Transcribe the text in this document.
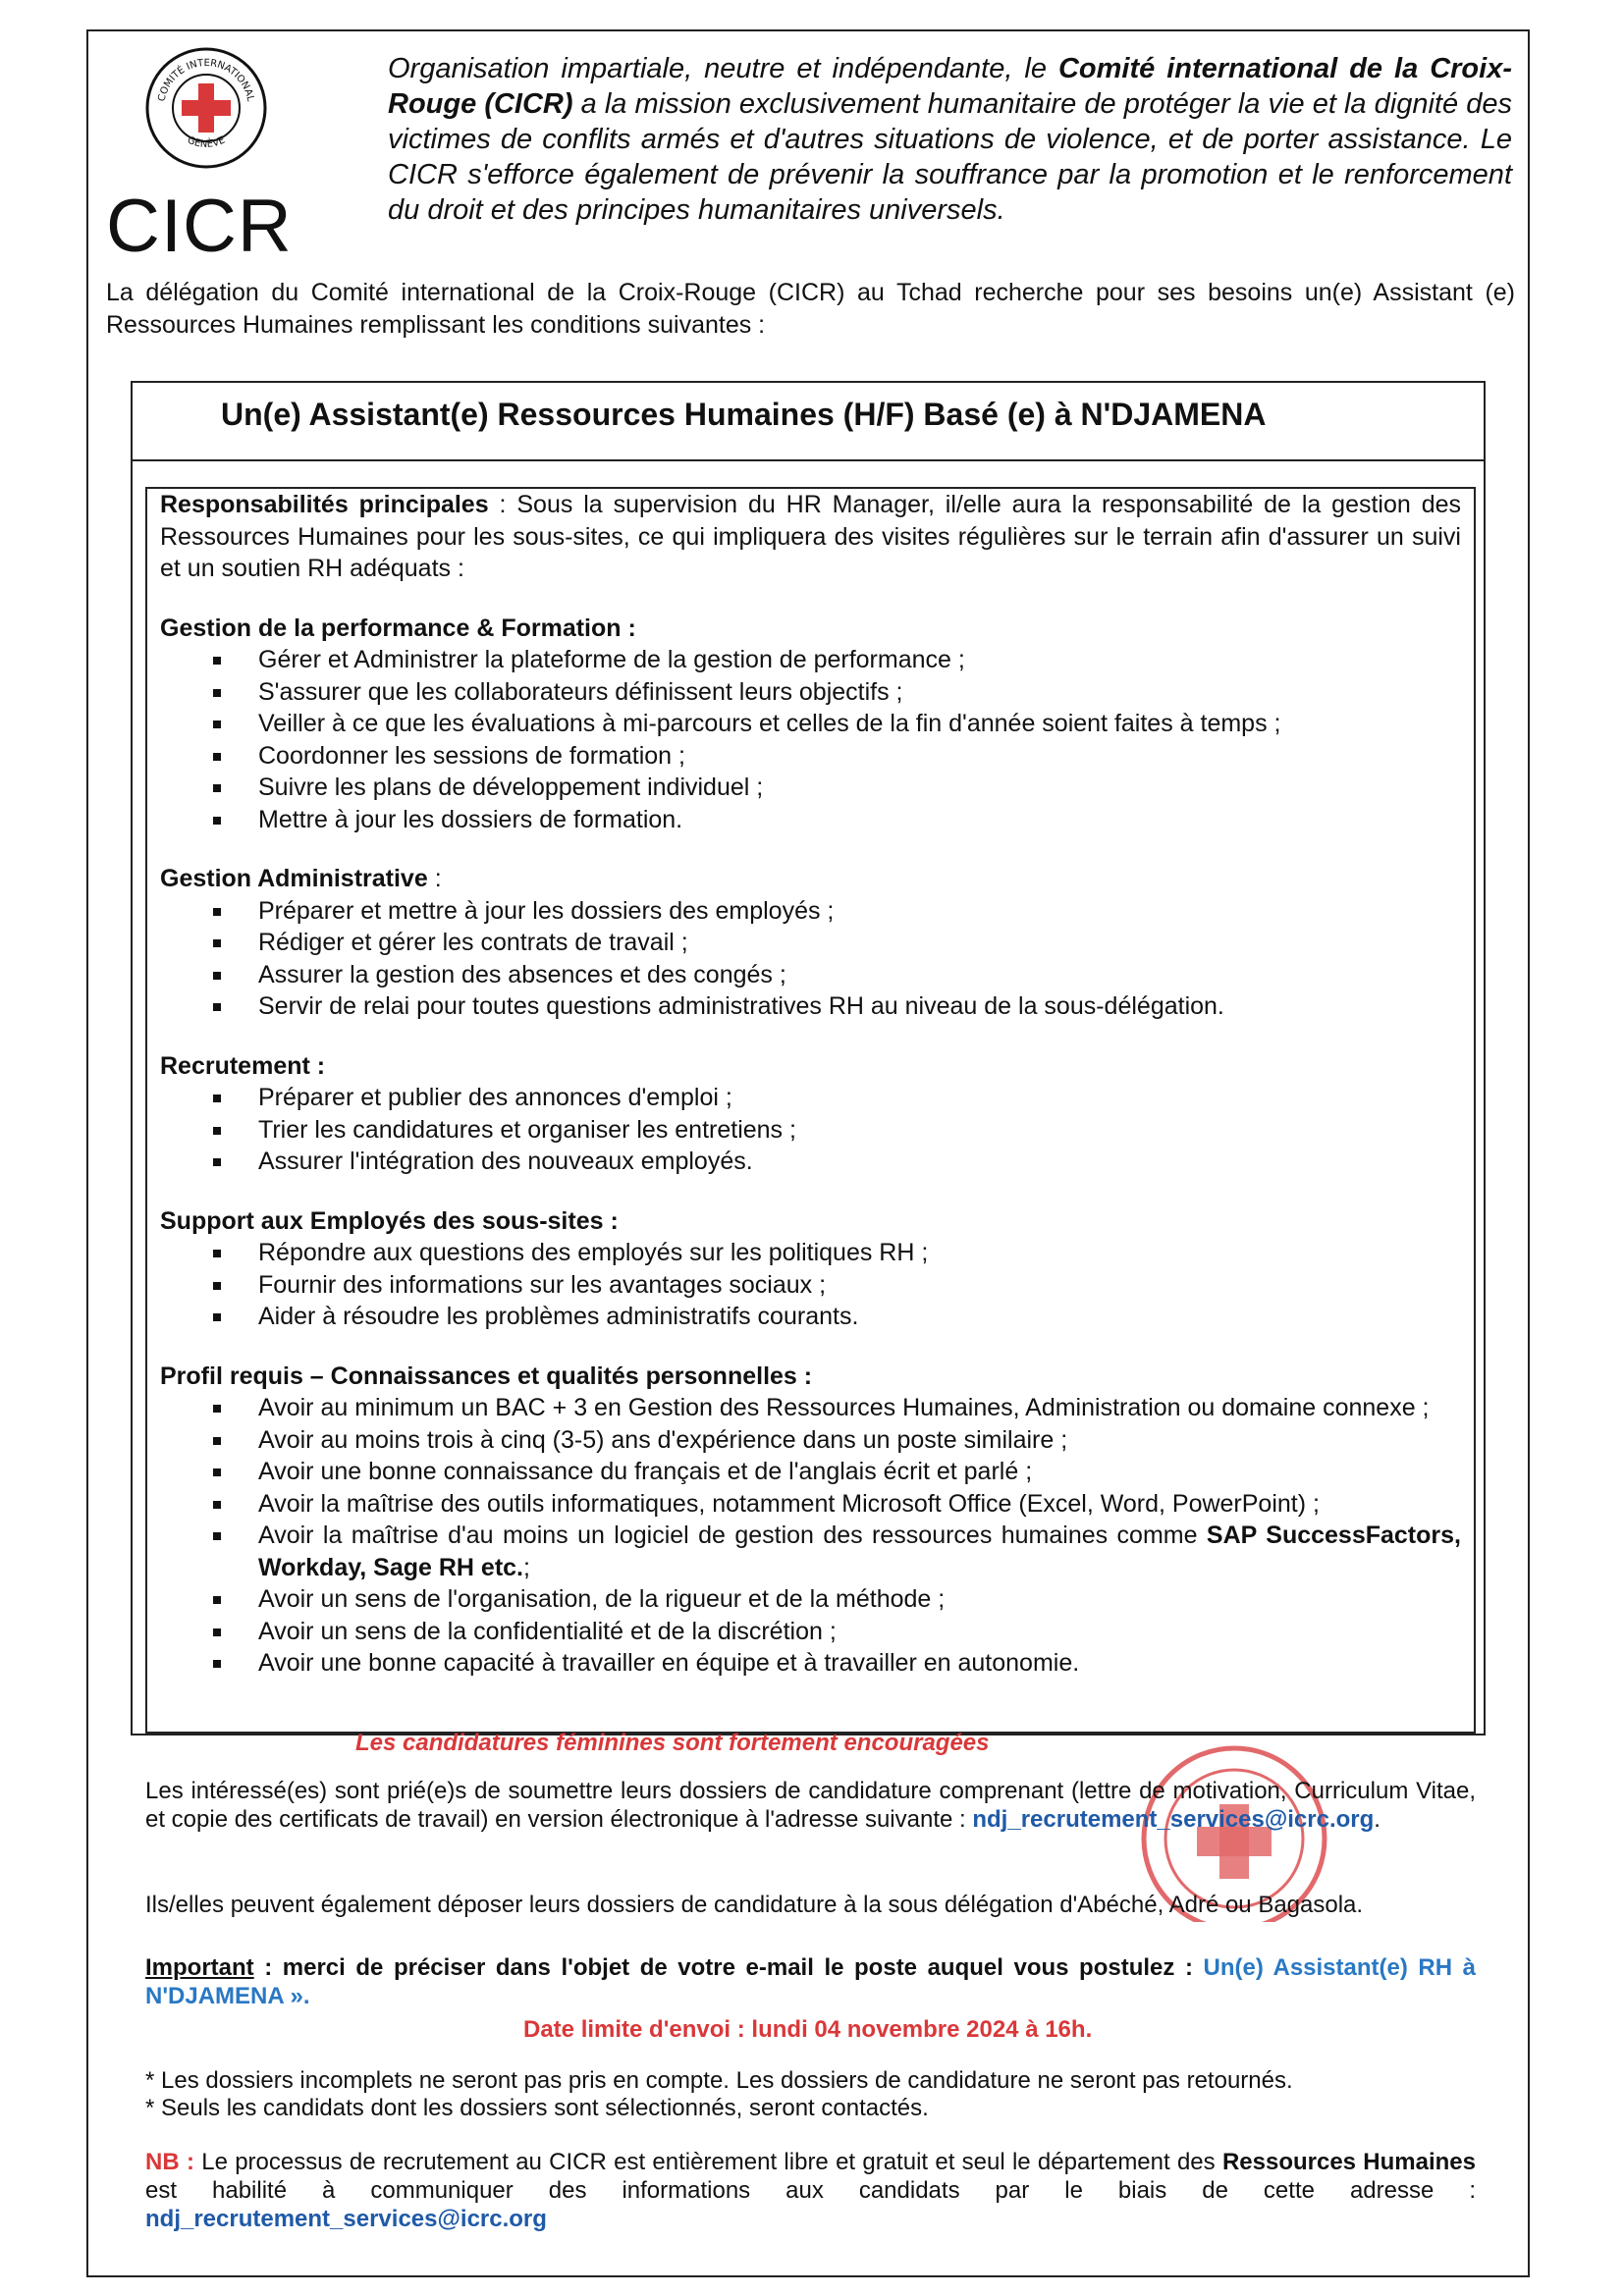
COMITÉ INTERNATIONAL
GENÈVE
CICR
Organisation impartiale, neutre et indépendante, le Comité international de la Croix-Rouge (CICR) a la mission exclusivement humanitaire de protéger la vie et la dignité des victimes de conflits armés et d'autres situations de violence, et de porter assistance. Le CICR s'efforce également de prévenir la souffrance par la promotion et le renforcement du droit et des principes humanitaires universels.
La délégation du Comité international de la Croix-Rouge (CICR) au Tchad recherche pour ses besoins un(e) Assistant (e) Ressources Humaines remplissant les conditions suivantes :
Un(e) Assistant(e) Ressources Humaines (H/F) Basé (e) à N'DJAMENA

Responsabilités principales : Sous la supervision du HR Manager, il/elle aura la responsabilité de la gestion des Ressources Humaines pour les sous-sites, ce qui impliquera des visites régulières sur le terrain afin d'assurer un suivi et un soutien RH adéquats :

Gestion de la performance & Formation :

Gérer et Administrer la plateforme de la gestion de performance ;
S'assurer que les collaborateurs définissent leurs objectifs ;
Veiller à ce que les évaluations à mi-parcours et celles de la fin d'année soient faites à temps ;
Coordonner les sessions de formation ;
Suivre les plans de développement individuel ;
Mettre à jour les dossiers de formation.

Gestion Administrative :

Préparer et mettre à jour les dossiers des employés ;
Rédiger et gérer les contrats de travail ;
Assurer la gestion des absences et des congés ;
Servir de relai pour toutes questions administratives RH au niveau de la sous-délégation.

Recrutement :

Préparer et publier des annonces d'emploi ;
Trier les candidatures et organiser les entretiens ;
Assurer l'intégration des nouveaux employés.

Support aux Employés des sous-sites :

Répondre aux questions des employés sur les politiques RH ;
Fournir des informations sur les avantages sociaux ;
Aider à résoudre les problèmes administratifs courants.

Profil requis – Connaissances et qualités personnelles :

Avoir au minimum un BAC + 3 en Gestion des Ressources Humaines, Administration ou domaine connexe ;
Avoir au moins trois à cinq (3-5) ans d'expérience dans un poste similaire ;
Avoir une bonne connaissance du français et de l'anglais écrit et parlé ;
Avoir la maîtrise des outils informatiques, notamment Microsoft Office (Excel, Word, PowerPoint) ;
Avoir la maîtrise d'au moins un logiciel de gestion des ressources humaines comme SAP SuccessFactors, Workday, Sage RH etc.;
Avoir un sens de l'organisation, de la rigueur et de la méthode ;
Avoir un sens de la confidentialité et de la discrétion ;
Avoir une bonne capacité à travailler en équipe et à travailler en autonomie.
Les candidatures féminines sont fortement encouragées
Les intéressé(es) sont prié(e)s de soumettre leurs dossiers de candidature comprenant (lettre de motivation, Curriculum Vitae, et copie des certificats de travail) en version électronique à l'adresse suivante : ndj_recrutement_services@icrc.org.
Ils/elles peuvent également déposer leurs dossiers de candidature à la sous délégation d'Abéché, Adré ou Bagasola.
Important : merci de préciser dans l'objet de votre e-mail le poste auquel vous postulez : Un(e) Assistant(e) RH à N'DJAMENA ».
Date limite d'envoi : lundi 04 novembre 2024 à 16h.
* Les dossiers incomplets ne seront pas pris en compte. Les dossiers de candidature ne seront pas retournés.
* Seuls les candidats dont les dossiers sont sélectionnés, seront contactés.
NB : Le processus de recrutement au CICR est entièrement libre et gratuit et seul le département des Ressources Humaines est habilité à communiquer des informations aux candidats par le biais de cette adresse : ndj_recrutement_services@icrc.org
